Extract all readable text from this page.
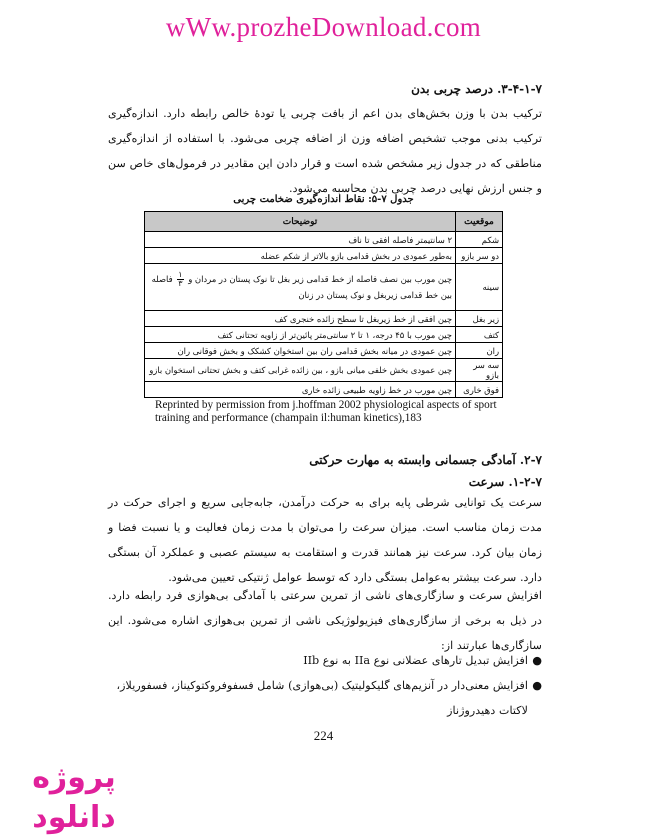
wWw.prozheDownload.com
۳-۴-۱-۷. درصد چربی بدن
ترکیب بدن با وزن بخش‌های بدن اعم از بافت چربی یا تودهٔ خالص رابطه دارد. اندازه‌گیری ترکیب بدنی موجب تشخیص اضافه وزن از اضافه چربی می‌شود. با استفاده از اندازه‌گیری مناطقی که در جدول زیر مشخص شده است و قرار دادن این مقادیر در فرمول‌های خاص سن و جنس ارزش نهایی درصد چربی بدن محاسبه می‌شود.
جدول ۷-۵: نقاط اندازه‌گیری ضخامت چربی
موقعیت	توضیحات
شکم	۲ سانتیمتر فاصله افقی تا ناف
دو سر بازو	به‌طور عمودی در بخش قدامی بازو بالاتر از شکم عضله
سینه	چین مورب بین نصف فاصله از خط قدامی زیر بغل تا نوک پستان در مردان و
$\frac{۱}{۳}$
فاصله بین خط قدامی زیربغل و نوک پستان در زنان
زیر بغل	چین افقی از خط زیربغل تا سطح زائده خنجری کف
کتف	چین مورب با ۴۵ درجه، ۱ تا ۲ سانتی‌متر پائین‌تر از زاویه تحتانی کتف
ران	چین عمودی در میانه بخش قدامی ران بین استخوان کشکک و بخش فوقانی ران
سه سر بازو	چین عمودی بخش خلفی میانی بازو ، بین زائده غرابی کتف و بخش تحتانی استخوان بازو
فوق خاری	چین مورب در خط زاویه طبیعی زائده خاری
Reprinted by permission from j.hoffman 2002 physiological aspects of sport training and performance (champain il:human kinetics),183
۲-۷. آمادگی جسمانی وابسته به مهارت حرکتی
۱-۲-۷. سرعت
سرعت یک توانایی شرطی پایه برای به حرکت درآمدن، جابه‌جایی سریع و اجرای حرکت در مدت زمان مناسب است. میزان سرعت را می‌توان با مدت زمان فعالیت و یا نسبت فضا و زمان بیان کرد. سرعت نیز همانند قدرت و استقامت به سیستم عصبی و عملکرد آن بستگی دارد. سرعت بیشتر به‌عوامل بستگی دارد که توسط عوامل ژنتیکی تعیین می‌شود.
افزایش سرعت و سازگاری‌های ناشی از تمرین سرعتی با آمادگی بی‌هوازی فرد رابطه دارد. در ذیل به برخی از سازگاری‌های فیزیولوژیکی ناشی از تمرین بی‌هوازی اشاره می‌شود. این سازگاری‌ها عبارتند از:
●
افزایش تبدیل تارهای عضلانی نوع IIa به نوع IIb
●
افزایش معنی‌دار در آنزیم‌های گلیکولیتیک (بی‌هوازی) شامل فسفوفروکتوکیناز، فسفوریلاز، لاکتات دهیدروژناز
224
پروژه
دانلود
